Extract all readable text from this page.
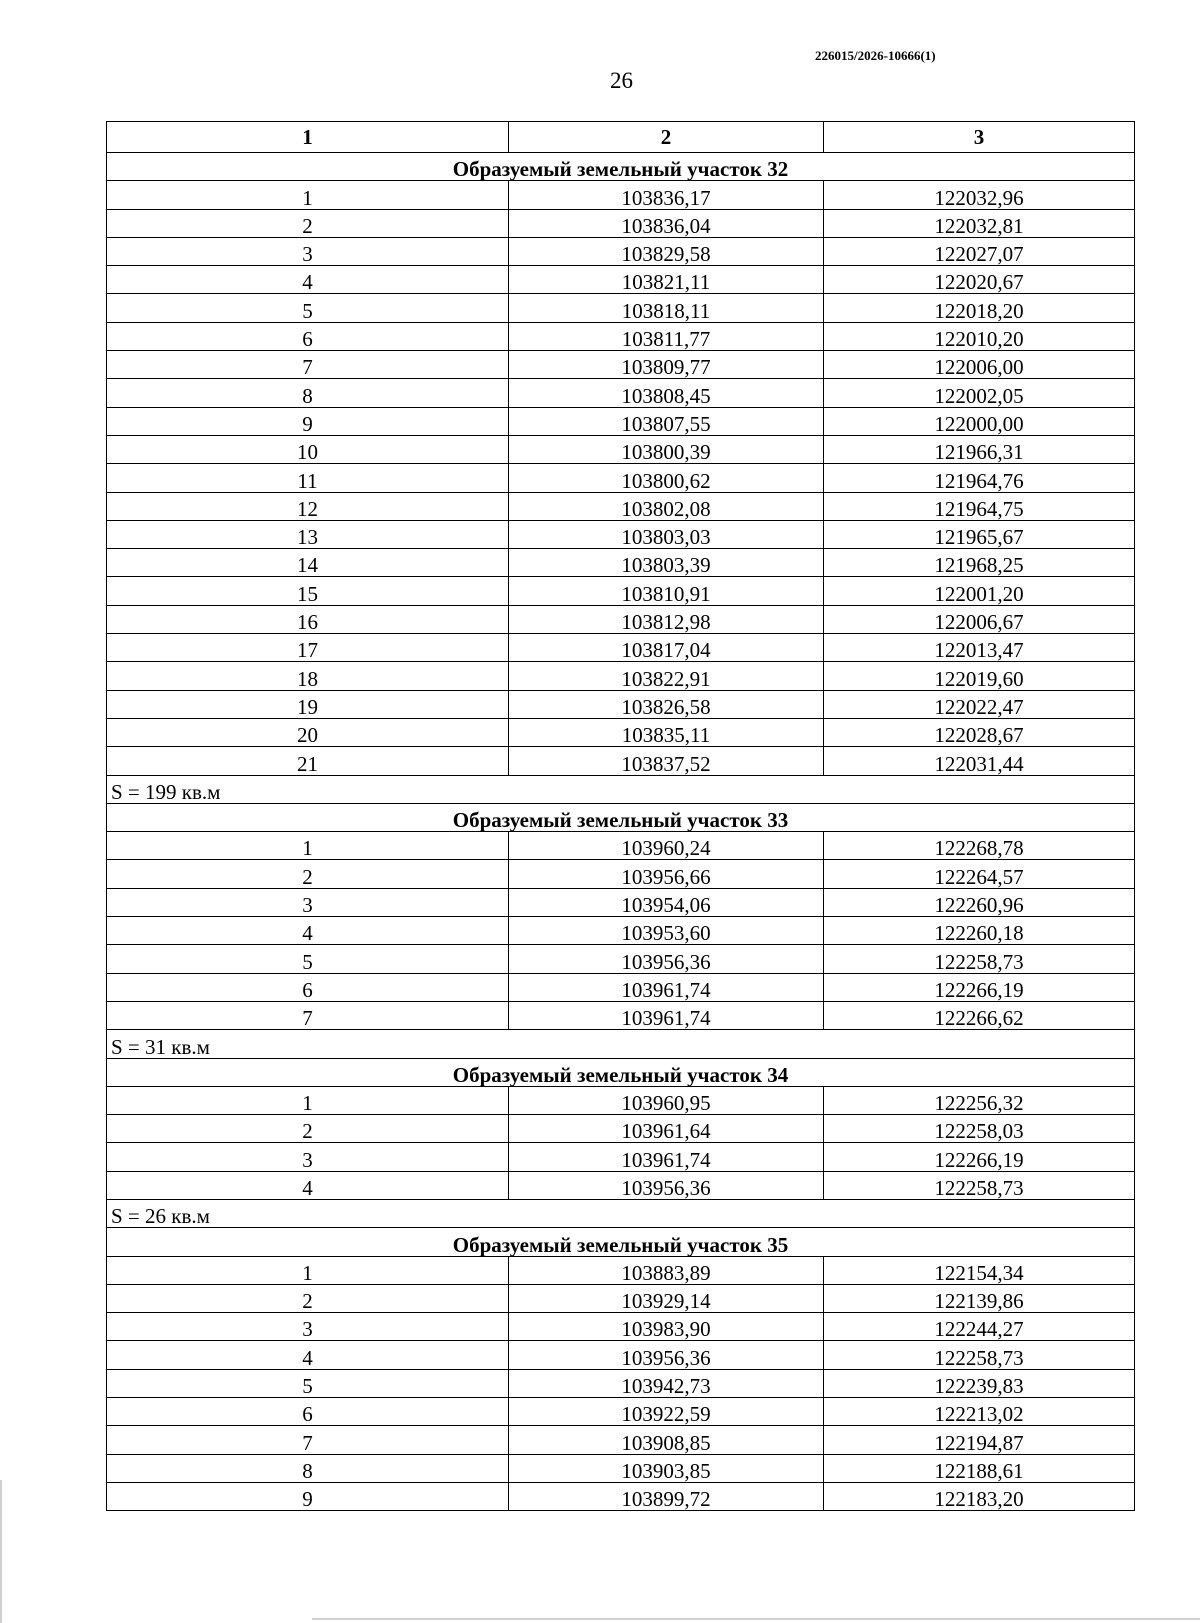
226015/2026-10666(1)
26
1	2	3
Образуемый земельный участок 32		
1	103836,17	122032,96
2	103836,04	122032,81
3	103829,58	122027,07
4	103821,11	122020,67
5	103818,11	122018,20
6	103811,77	122010,20
7	103809,77	122006,00
8	103808,45	122002,05
9	103807,55	122000,00
10	103800,39	121966,31
11	103800,62	121964,76
12	103802,08	121964,75
13	103803,03	121965,67
14	103803,39	121968,25
15	103810,91	122001,20
16	103812,98	122006,67
17	103817,04	122013,47
18	103822,91	122019,60
19	103826,58	122022,47
20	103835,11	122028,67
21	103837,52	122031,44
S = 199 кв.м		
Образуемый земельный участок 33		
1	103960,24	122268,78
2	103956,66	122264,57
3	103954,06	122260,96
4	103953,60	122260,18
5	103956,36	122258,73
6	103961,74	122266,19
7	103961,74	122266,62
S = 31 кв.м		
Образуемый земельный участок 34		
1	103960,95	122256,32
2	103961,64	122258,03
3	103961,74	122266,19
4	103956,36	122258,73
S = 26 кв.м		
Образуемый земельный участок 35		
1	103883,89	122154,34
2	103929,14	122139,86
3	103983,90	122244,27
4	103956,36	122258,73
5	103942,73	122239,83
6	103922,59	122213,02
7	103908,85	122194,87
8	103903,85	122188,61
9	103899,72	122183,20
